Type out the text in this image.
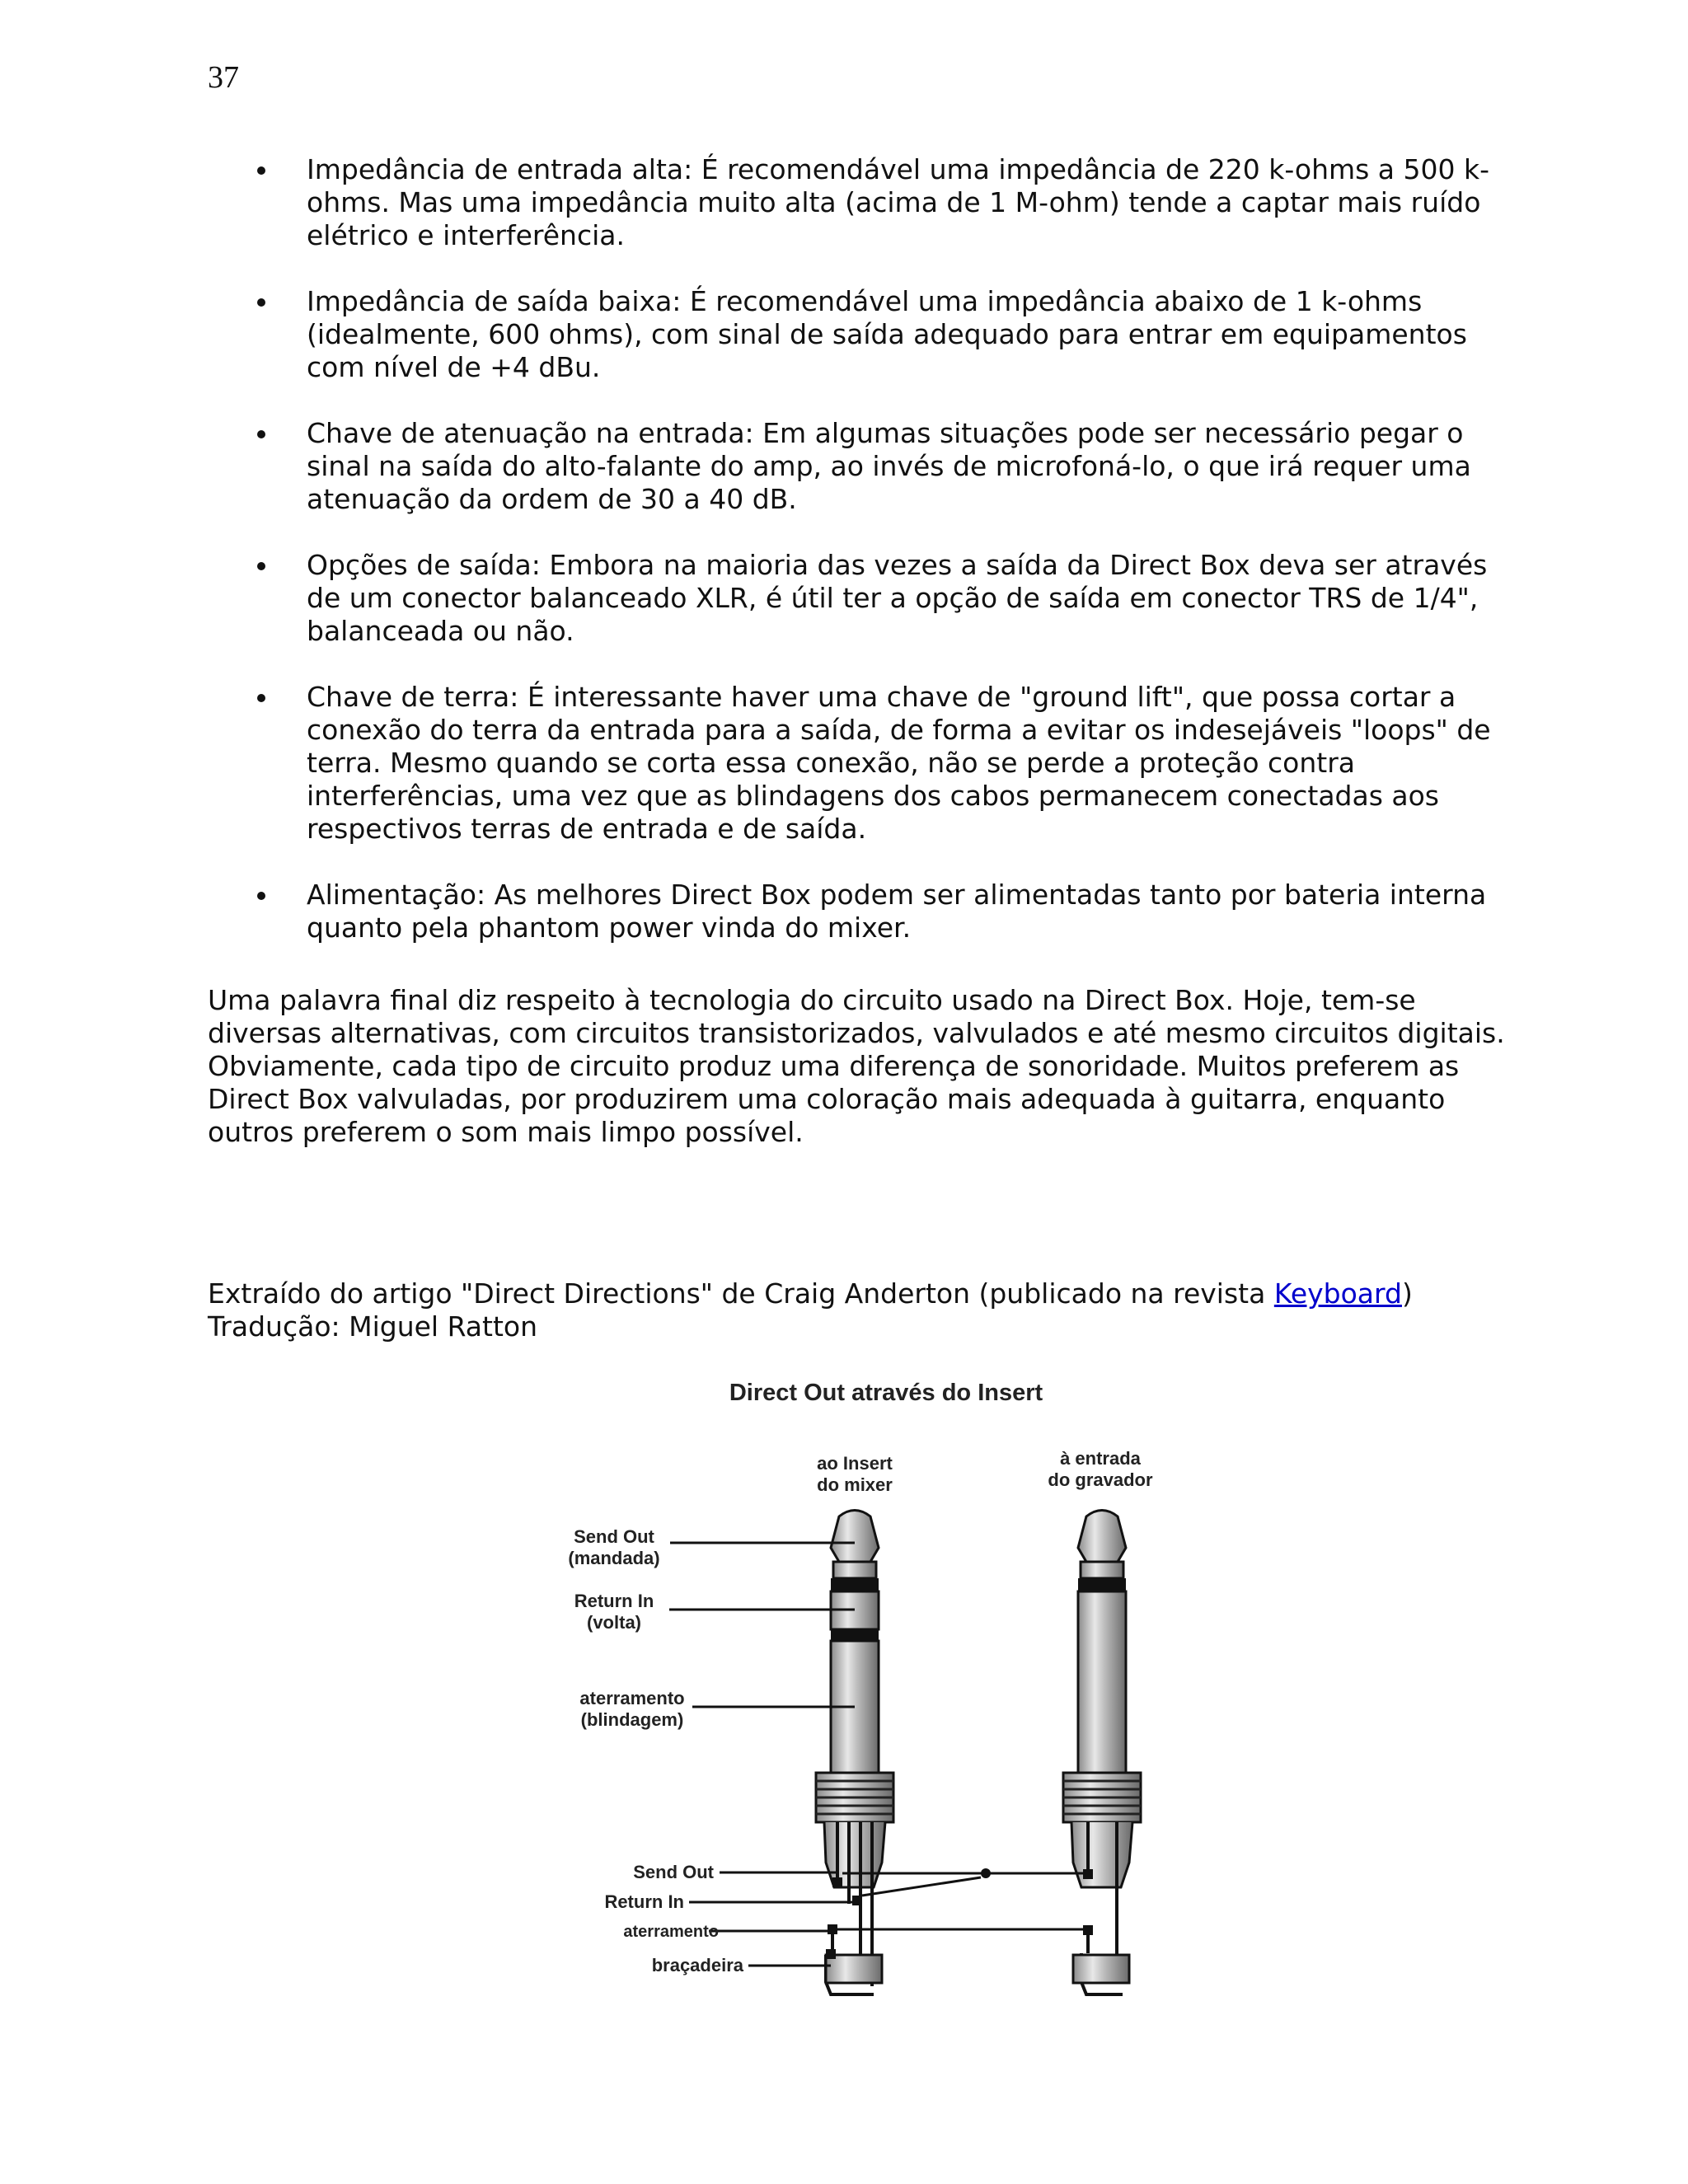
37
Impedância de entrada alta: É recomendável uma impedância de 220 k-ohms a 500 k-ohms. Mas uma impedância muito alta (acima de 1 M-ohm) tende a captar mais ruído elétrico e interferência.
Impedância de saída baixa: É recomendável uma impedância abaixo de 1 k-ohms (idealmente, 600 ohms), com sinal de saída adequado para entrar em equipamentos com nível de +4 dBu.
Chave de atenuação na entrada: Em algumas situações pode ser necessário pegar o sinal na saída do alto-falante do amp, ao invés de microfoná-lo, o que irá requer uma atenuação da ordem de 30 a 40 dB.
Opções de saída: Embora na maioria das vezes a saída da Direct Box deva ser através de um conector balanceado XLR, é útil ter a opção de saída em conector TRS de 1/4", balanceada ou não.
Chave de terra: É interessante haver uma chave de "ground lift", que possa cortar a conexão do terra da entrada para a saída, de forma a evitar os indesejáveis "loops" de terra. Mesmo quando se corta essa conexão, não se perde a proteção contra interferências, uma vez que as blindagens dos cabos permanecem conectadas aos respectivos terras de entrada e de saída.
Alimentação: As melhores Direct Box podem ser alimentadas tanto por bateria interna quanto pela phantom power vinda do mixer.

Uma palavra final diz respeito à tecnologia do circuito usado na Direct Box. Hoje, tem-se diversas alternativas, com circuitos transistorizados, valvulados e até mesmo circuitos digitais. Obviamente, cada tipo de circuito produz uma diferença de sonoridade. Muitos preferem as Direct Box valvuladas, por produzirem uma coloração mais adequada à guitarra, enquanto outros preferem o som mais limpo possível.

Extraído do artigo "Direct Directions" de Craig Anderton (publicado na revista Keyboard)
Tradução: Miguel Ratton
Direct Out através do Insert
ao Insert
do mixer
à entrada
do gravador
Send Out
(mandada)
Return In
(volta)
aterramento
(blindagem)
Send Out
Return In
aterramento
braçadeira
